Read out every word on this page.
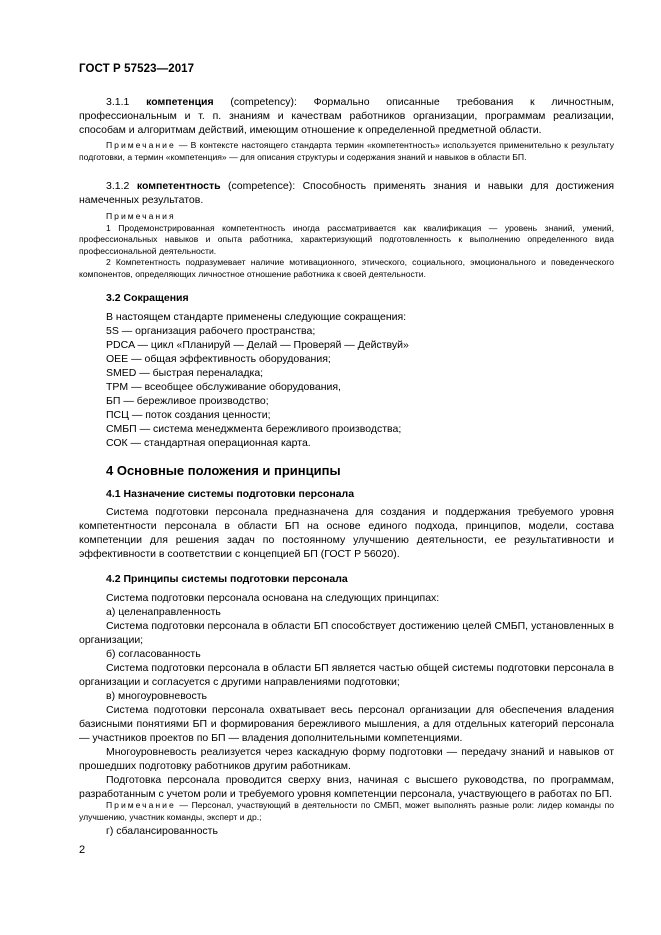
ГОСТ Р 57523—2017
3.1.1 компетенция (competency): Формально описанные требования к личностным, профессиональным и т. п. знаниям и качествам работников организации, программам реализации, способам и алгоритмам действий, имеющим отношение к определенной предметной области.
Примечание — В контексте настоящего стандарта термин «компетентность» используется применительно к результату подготовки, а термин «компетенция» — для описания структуры и содержания знаний и навыков в области БП.
3.1.2 компетентность (competence): Способность применять знания и навыки для достижения намеченных результатов.
Примечания
1 Продемонстрированная компетентность иногда рассматривается как квалификация — уровень знаний, умений, профессиональных навыков и опыта работника, характеризующий подготовленность к выполнению определенного вида профессиональной деятельности.
2 Компетентность подразумевает наличие мотивационного, этического, социального, эмоционального и поведенческого компонентов, определяющих личностное отношение работника к своей деятельности.
3.2 Сокращения
В настоящем стандарте применены следующие сокращения:
5S — организация рабочего пространства;
PDCA — цикл «Планируй — Делай — Проверяй — Действуй»
OEE — общая эффективность оборудования;
SMED — быстрая переналадка;
TPM — всеобщее обслуживание оборудования,
БП — бережливое производство;
ПСЦ — поток создания ценности;
СМБП — система менеджмента бережливого производства;
СОК — стандартная операционная карта.
4 Основные положения и принципы
4.1 Назначение системы подготовки персонала
Система подготовки персонала предназначена для создания и поддержания требуемого уровня компетентности персонала в области БП на основе единого подхода, принципов, модели, состава компетенции для решения задач по постоянному улучшению деятельности, ее результативности и эффективности в соответствии с концепцией БП (ГОСТ Р 56020).
4.2 Принципы системы подготовки персонала
Система подготовки персонала основана на следующих принципах:
а) целенаправленность
Система подготовки персонала в области БП способствует достижению целей СМБП, установленных в организации;
б) согласованность
Система подготовки персонала в области БП является частью общей системы подготовки персонала в организации и согласуется с другими направлениями подготовки;
в) многоуровневость
Система подготовки персонала охватывает весь персонал организации для обеспечения владения базисными понятиями БП и формирования бережливого мышления, а для отдельных категорий персонала — участников проектов по БП — владения дополнительными компетенциями.
Многоуровневость реализуется через каскадную форму подготовки — передачу знаний и навыков от прошедших подготовку работников другим работникам.
Подготовка персонала проводится сверху вниз, начиная с высшего руководства, по программам, разработанным с учетом роли и требуемого уровня компетенции персонала, участвующего в работах по БП.
Примечание — Персонал, участвующий в деятельности по СМБП, может выполнять разные роли: лидер команды по улучшению, участник команды, эксперт и др.;
г) сбалансированность
2
